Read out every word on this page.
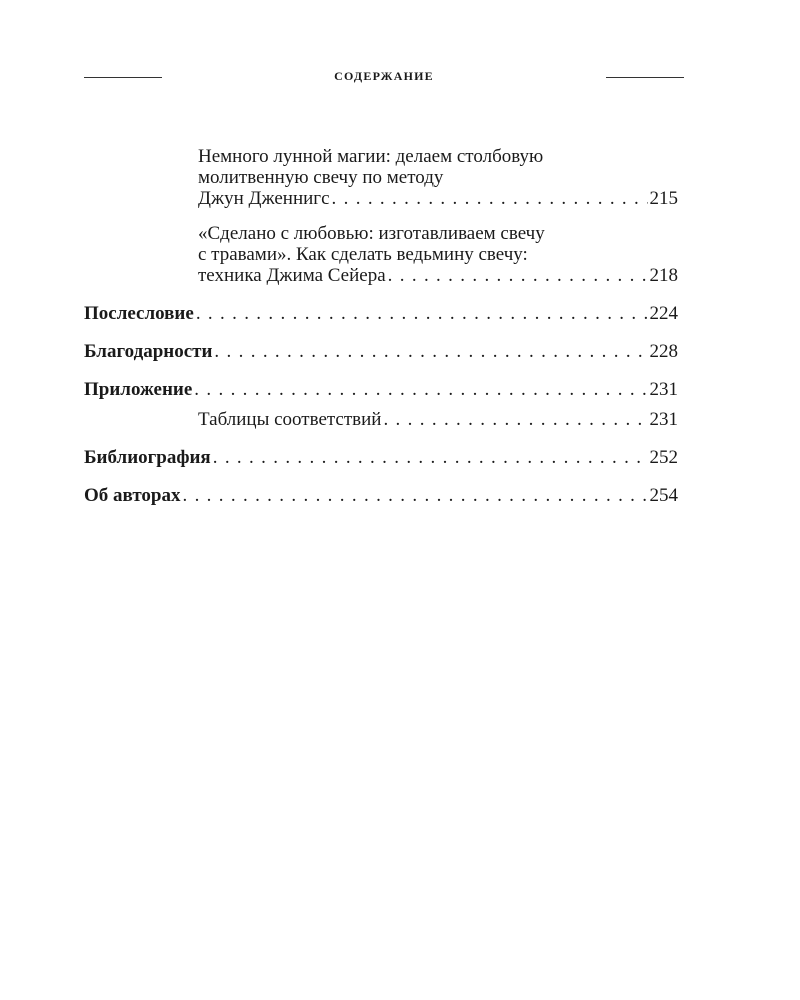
СОДЕРЖАНИЕ
Немного лунной магии: делаем столбовую
молитвенную свечу по методу
Джун Дженнигс . . .	215
«Сделано с любовью: изготавливаем свечу
с травами». Как сделать ведьмину свечу:
техника Джима Сейера . . .	218
Послесловие . . .	224
Благодарности . . .	228
Приложение . . .	231
Таблицы соответствий . . .	231
Библиография . . .	252
Об авторах . . .	254
